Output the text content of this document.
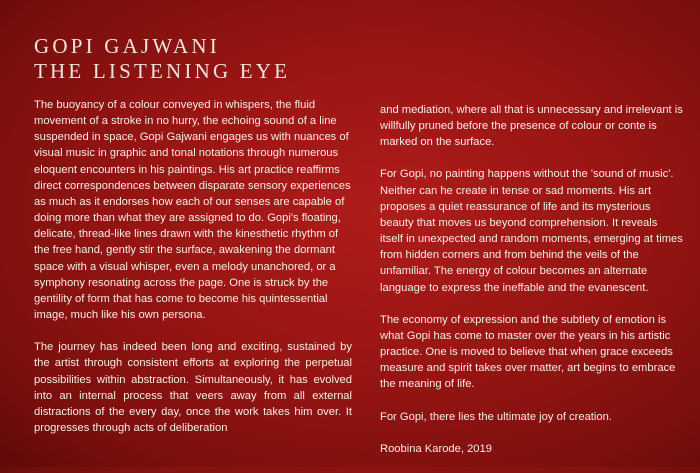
GOPI GAJWANI
THE LISTENING EYE

The buoyancy of a colour conveyed in whispers, the fluid movement of a stroke in no hurry, the echoing sound of a line suspended in space, Gopi Gajwani engages us with nuances of visual music in graphic and tonal notations through numerous eloquent encounters in his paintings. His art practice reaffirms direct correspondences between disparate sensory experiences as much as it endorses how each of our senses are capable of doing more than what they are assigned to do. Gopi's floating, delicate, thread-like lines drawn with the kinesthetic rhythm of the free hand, gently stir the surface, awakening the dormant space with a visual whisper, even a melody unanchored, or a symphony resonating across the page. One is struck by the gentility of form that has come to become his quintessential image, much like his own persona.

The journey has indeed been long and exciting, sustained by the artist through consistent efforts at exploring the perpetual possibilities within abstraction. Simultaneously, it has evolved into an internal process that veers away from all external distractions of the every day, once the work takes him over. It progresses through acts of deliberation

and mediation, where all that is unnecessary and irrelevant is willfully pruned before the presence of colour or conte is marked on the surface.

For Gopi, no painting happens without the 'sound of music'. Neither can he create in tense or sad moments. His art proposes a quiet reassurance of life and its mysterious beauty that moves us beyond comprehension. It reveals itself in unexpected and random moments, emerging at times from hidden corners and from behind the veils of the unfamiliar. The energy of colour becomes an alternate language to express the ineffable and the evanescent.

The economy of expression and the subtlety of emotion is what Gopi has come to master over the years in his artistic practice. One is moved to believe that when grace exceeds measure and spirit takes over matter, art begins to embrace the meaning of life.

For Gopi, there lies the ultimate joy of creation.

Roobina Karode, 2019
